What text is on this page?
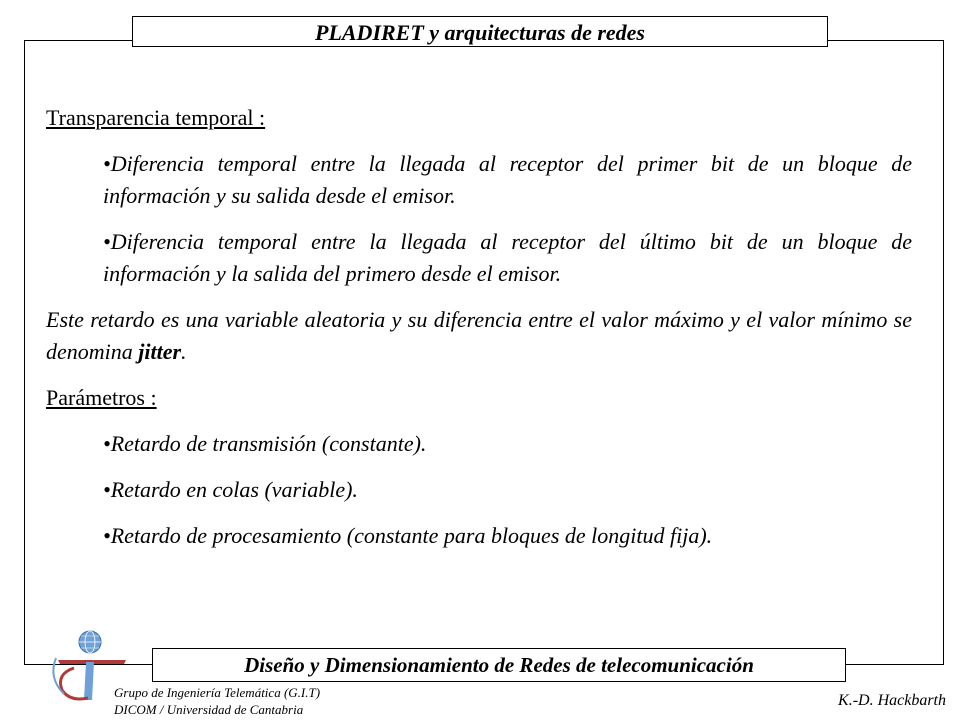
PLADIRET y arquitecturas de redes
Transparencia temporal :
•Diferencia temporal entre la llegada al receptor del primer bit de un bloque de información y su salida desde el emisor.
•Diferencia temporal entre la llegada al receptor del último bit de un bloque de información y la salida del primero desde el emisor.
Este retardo es una variable aleatoria y su diferencia entre el valor máximo y el valor mínimo se denomina jitter.
Parámetros :
•Retardo de transmisión (constante).
•Retardo en colas (variable).
•Retardo de procesamiento (constante para bloques de longitud fija).
Diseño y Dimensionamiento de Redes de telecomunicación
Grupo de Ingeniería Telemática (G.I.T)
DICOM / Universidad de Cantabria
K.-D. Hackbarth
